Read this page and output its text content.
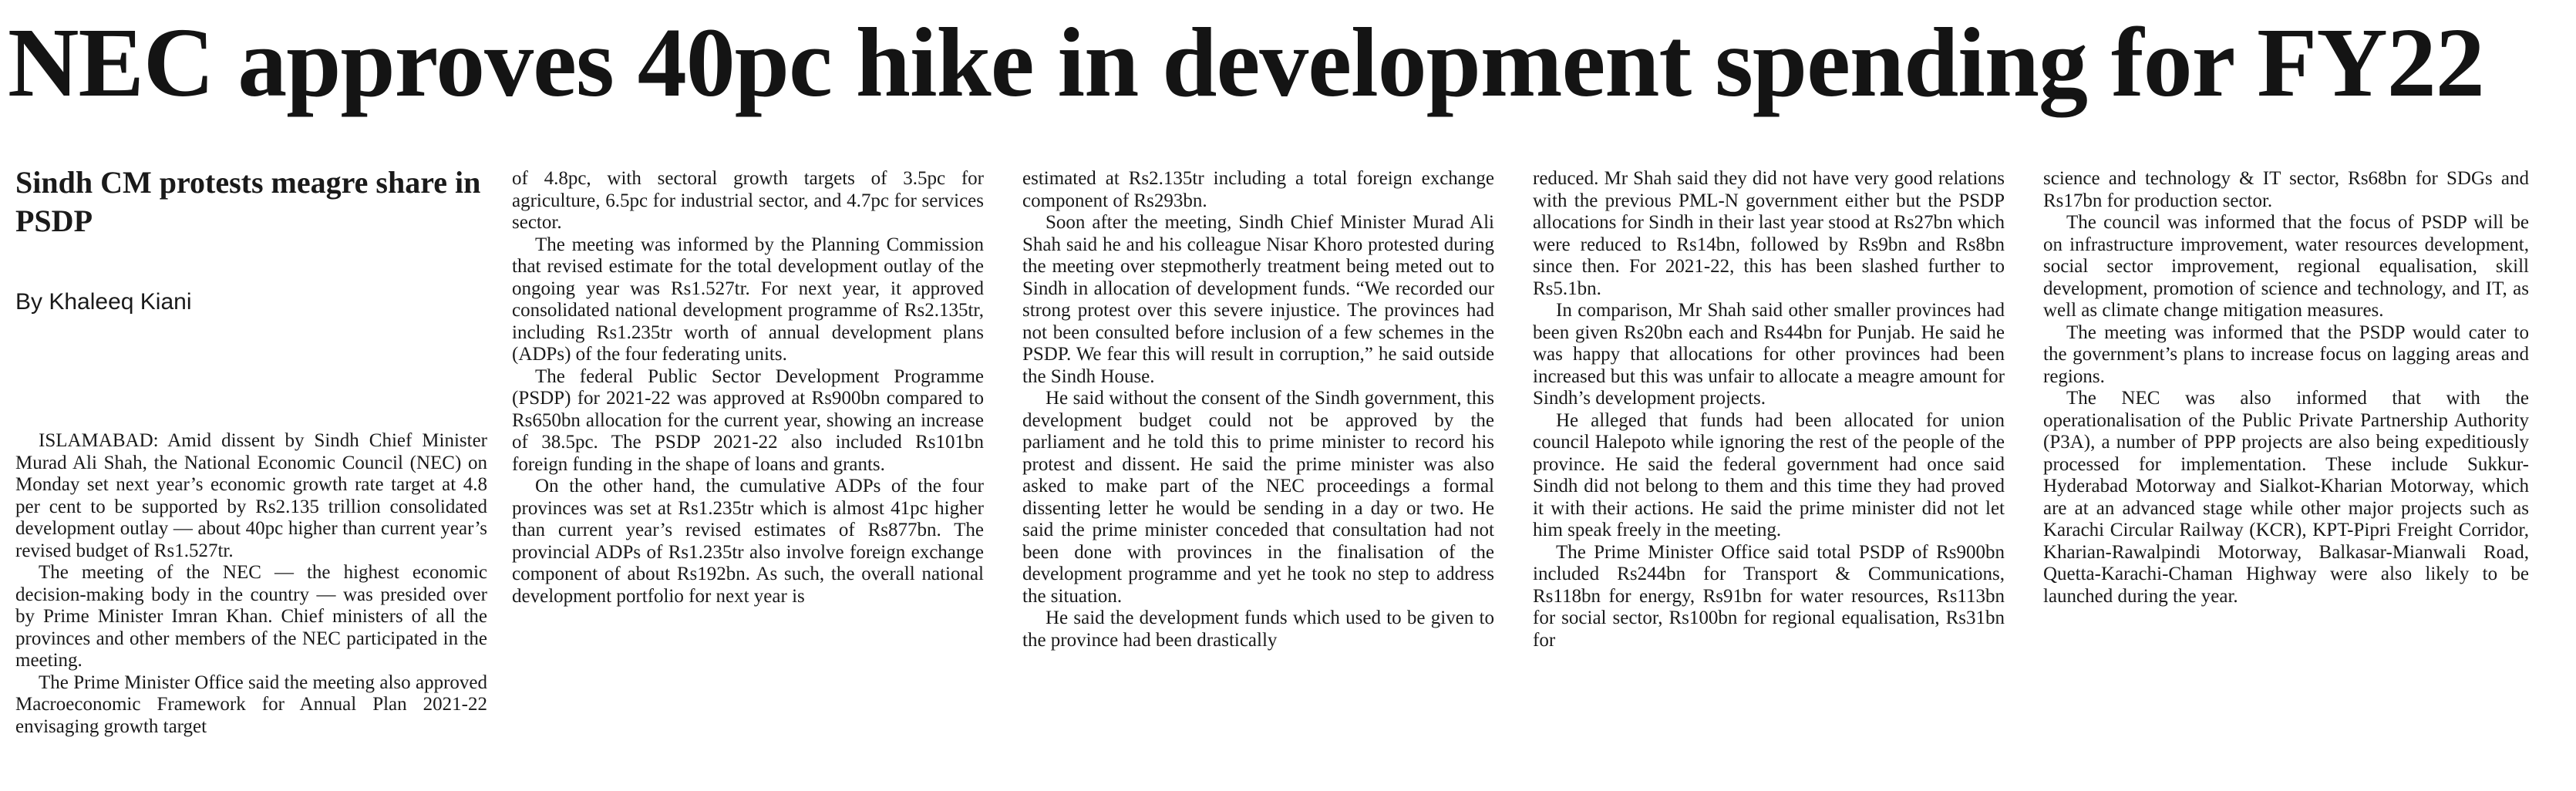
NEC approves 40pc hike in development spending for FY22
Sindh CM protests meagre share in PSDP
By Khaleeq Kiani

ISLAMABAD: Amid dissent by Sindh Chief Minister Murad Ali Shah, the National Economic Council (NEC) on Monday set next year’s economic growth rate target at 4.8 per cent to be supported by Rs2.135 trillion consolidated development outlay — about 40pc higher than current year’s revised budget of Rs1.527tr.

The meeting of the NEC — the highest economic decision-making body in the country — was presided over by Prime Minister Imran Khan. Chief ministers of all the provinces and other members of the NEC participated in the meeting.

The Prime Minister Office said the meeting also approved Macroeconomic Framework for Annual Plan 2021-22 envisaging growth target

of 4.8pc, with sectoral growth targets of 3.5pc for agriculture, 6.5pc for industrial sector, and 4.7pc for services sector.

The meeting was informed by the Planning Commission that revised estimate for the total development outlay of the ongoing year was Rs1.527tr. For next year, it approved consolidated national development programme of Rs2.135tr, including Rs1.235tr worth of annual development plans (ADPs) of the four federating units.

The federal Public Sector Development Programme (PSDP) for 2021-22 was approved at Rs900bn compared to Rs650bn allocation for the current year, showing an increase of 38.5pc. The PSDP 2021-22 also included Rs101bn foreign funding in the shape of loans and grants.

On the other hand, the cumulative ADPs of the four provinces was set at Rs1.235tr which is almost 41pc higher than current year’s revised estimates of Rs877bn. The provincial ADPs of Rs1.235tr also involve foreign exchange component of about Rs192bn. As such, the overall national development portfolio for next year is

estimated at Rs2.135tr including a total foreign exchange component of Rs293bn.

Soon after the meeting, Sindh Chief Minister Murad Ali Shah said he and his colleague Nisar Khoro protested during the meeting over stepmotherly treatment being meted out to Sindh in allocation of development funds. “We recorded our strong protest over this severe injustice. The provinces had not been consulted before inclusion of a few schemes in the PSDP. We fear this will result in corruption,” he said outside the Sindh House.

He said without the consent of the Sindh government, this development budget could not be approved by the parliament and he told this to prime minister to record his protest and dissent. He said the prime minister was also asked to make part of the NEC proceedings a formal dissenting letter he would be sending in a day or two. He said the prime minister conceded that consultation had not been done with provinces in the finalisation of the development programme and yet he took no step to address the situation.

He said the development funds which used to be given to the province had been drastically

reduced. Mr Shah said they did not have very good relations with the previous PML-N government either but the PSDP allocations for Sindh in their last year stood at Rs27bn which were reduced to Rs14bn, followed by Rs9bn and Rs8bn since then. For 2021-22, this has been slashed further to Rs5.1bn.

In comparison, Mr Shah said other smaller provinces had been given Rs20bn each and Rs44bn for Punjab. He said he was happy that allocations for other provinces had been increased but this was unfair to allocate a meagre amount for Sindh’s development projects.

He alleged that funds had been allocated for union council Halepoto while ignoring the rest of the people of the province. He said the federal government had once said Sindh did not belong to them and this time they had proved it with their actions. He said the prime minister did not let him speak freely in the meeting.

The Prime Minister Office said total PSDP of Rs900bn included Rs244bn for Transport & Communications, Rs118bn for energy, Rs91bn for water resources, Rs113bn for social sector, Rs100bn for regional equalisation, Rs31bn for

science and technology & IT sector, Rs68bn for SDGs and Rs17bn for production sector.

The council was informed that the focus of PSDP will be on infrastructure improvement, water resources development, social sector improvement, regional equalisation, skill development, promotion of science and technology, and IT, as well as climate change mitigation measures.

The meeting was informed that the PSDP would cater to the government’s plans to increase focus on lagging areas and regions.

The NEC was also informed that with the operationalisation of the Public Private Partnership Authority (P3A), a number of PPP projects are also being expeditiously processed for implementation. These include Sukkur-Hyderabad Motorway and Sialkot-Kharian Motorway, which are at an advanced stage while other major projects such as Karachi Circular Railway (KCR), KPT-Pipri Freight Corridor, Kharian-Rawalpindi Motorway, Balkasar-Mianwali Road, Quetta-Karachi-Chaman Highway were also likely to be launched during the year.
